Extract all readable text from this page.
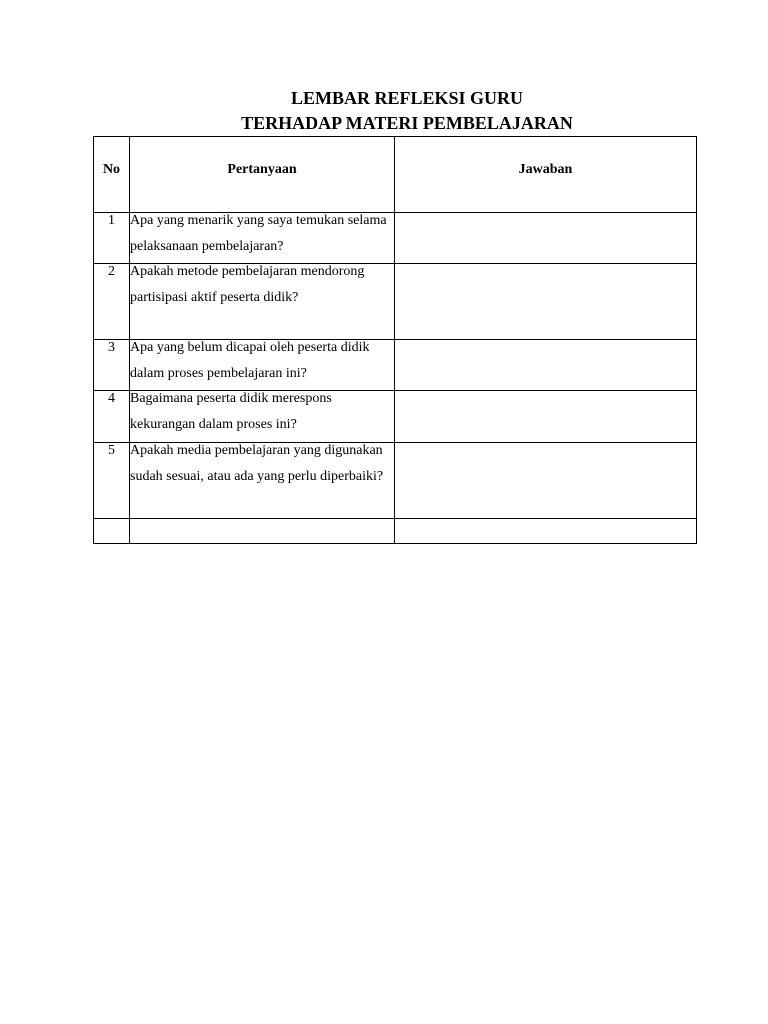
LEMBAR REFLEKSI GURU
TERHADAP MATERI PEMBELAJARAN
No	Pertanyaan	Jawaban

1	Apa yang menarik yang saya temukan selama pelaksanaan pembelajaran?	

2	Apakah metode pembelajaran mendorong partisipasi aktif peserta didik?	

3	Apa yang belum dicapai oleh peserta didik dalam proses pembelajaran ini?	

4	Bagaimana peserta didik merespons kekurangan dalam proses ini?	

5	Apakah media pembelajaran yang digunakan sudah sesuai, atau ada yang perlu diperbaiki?	
